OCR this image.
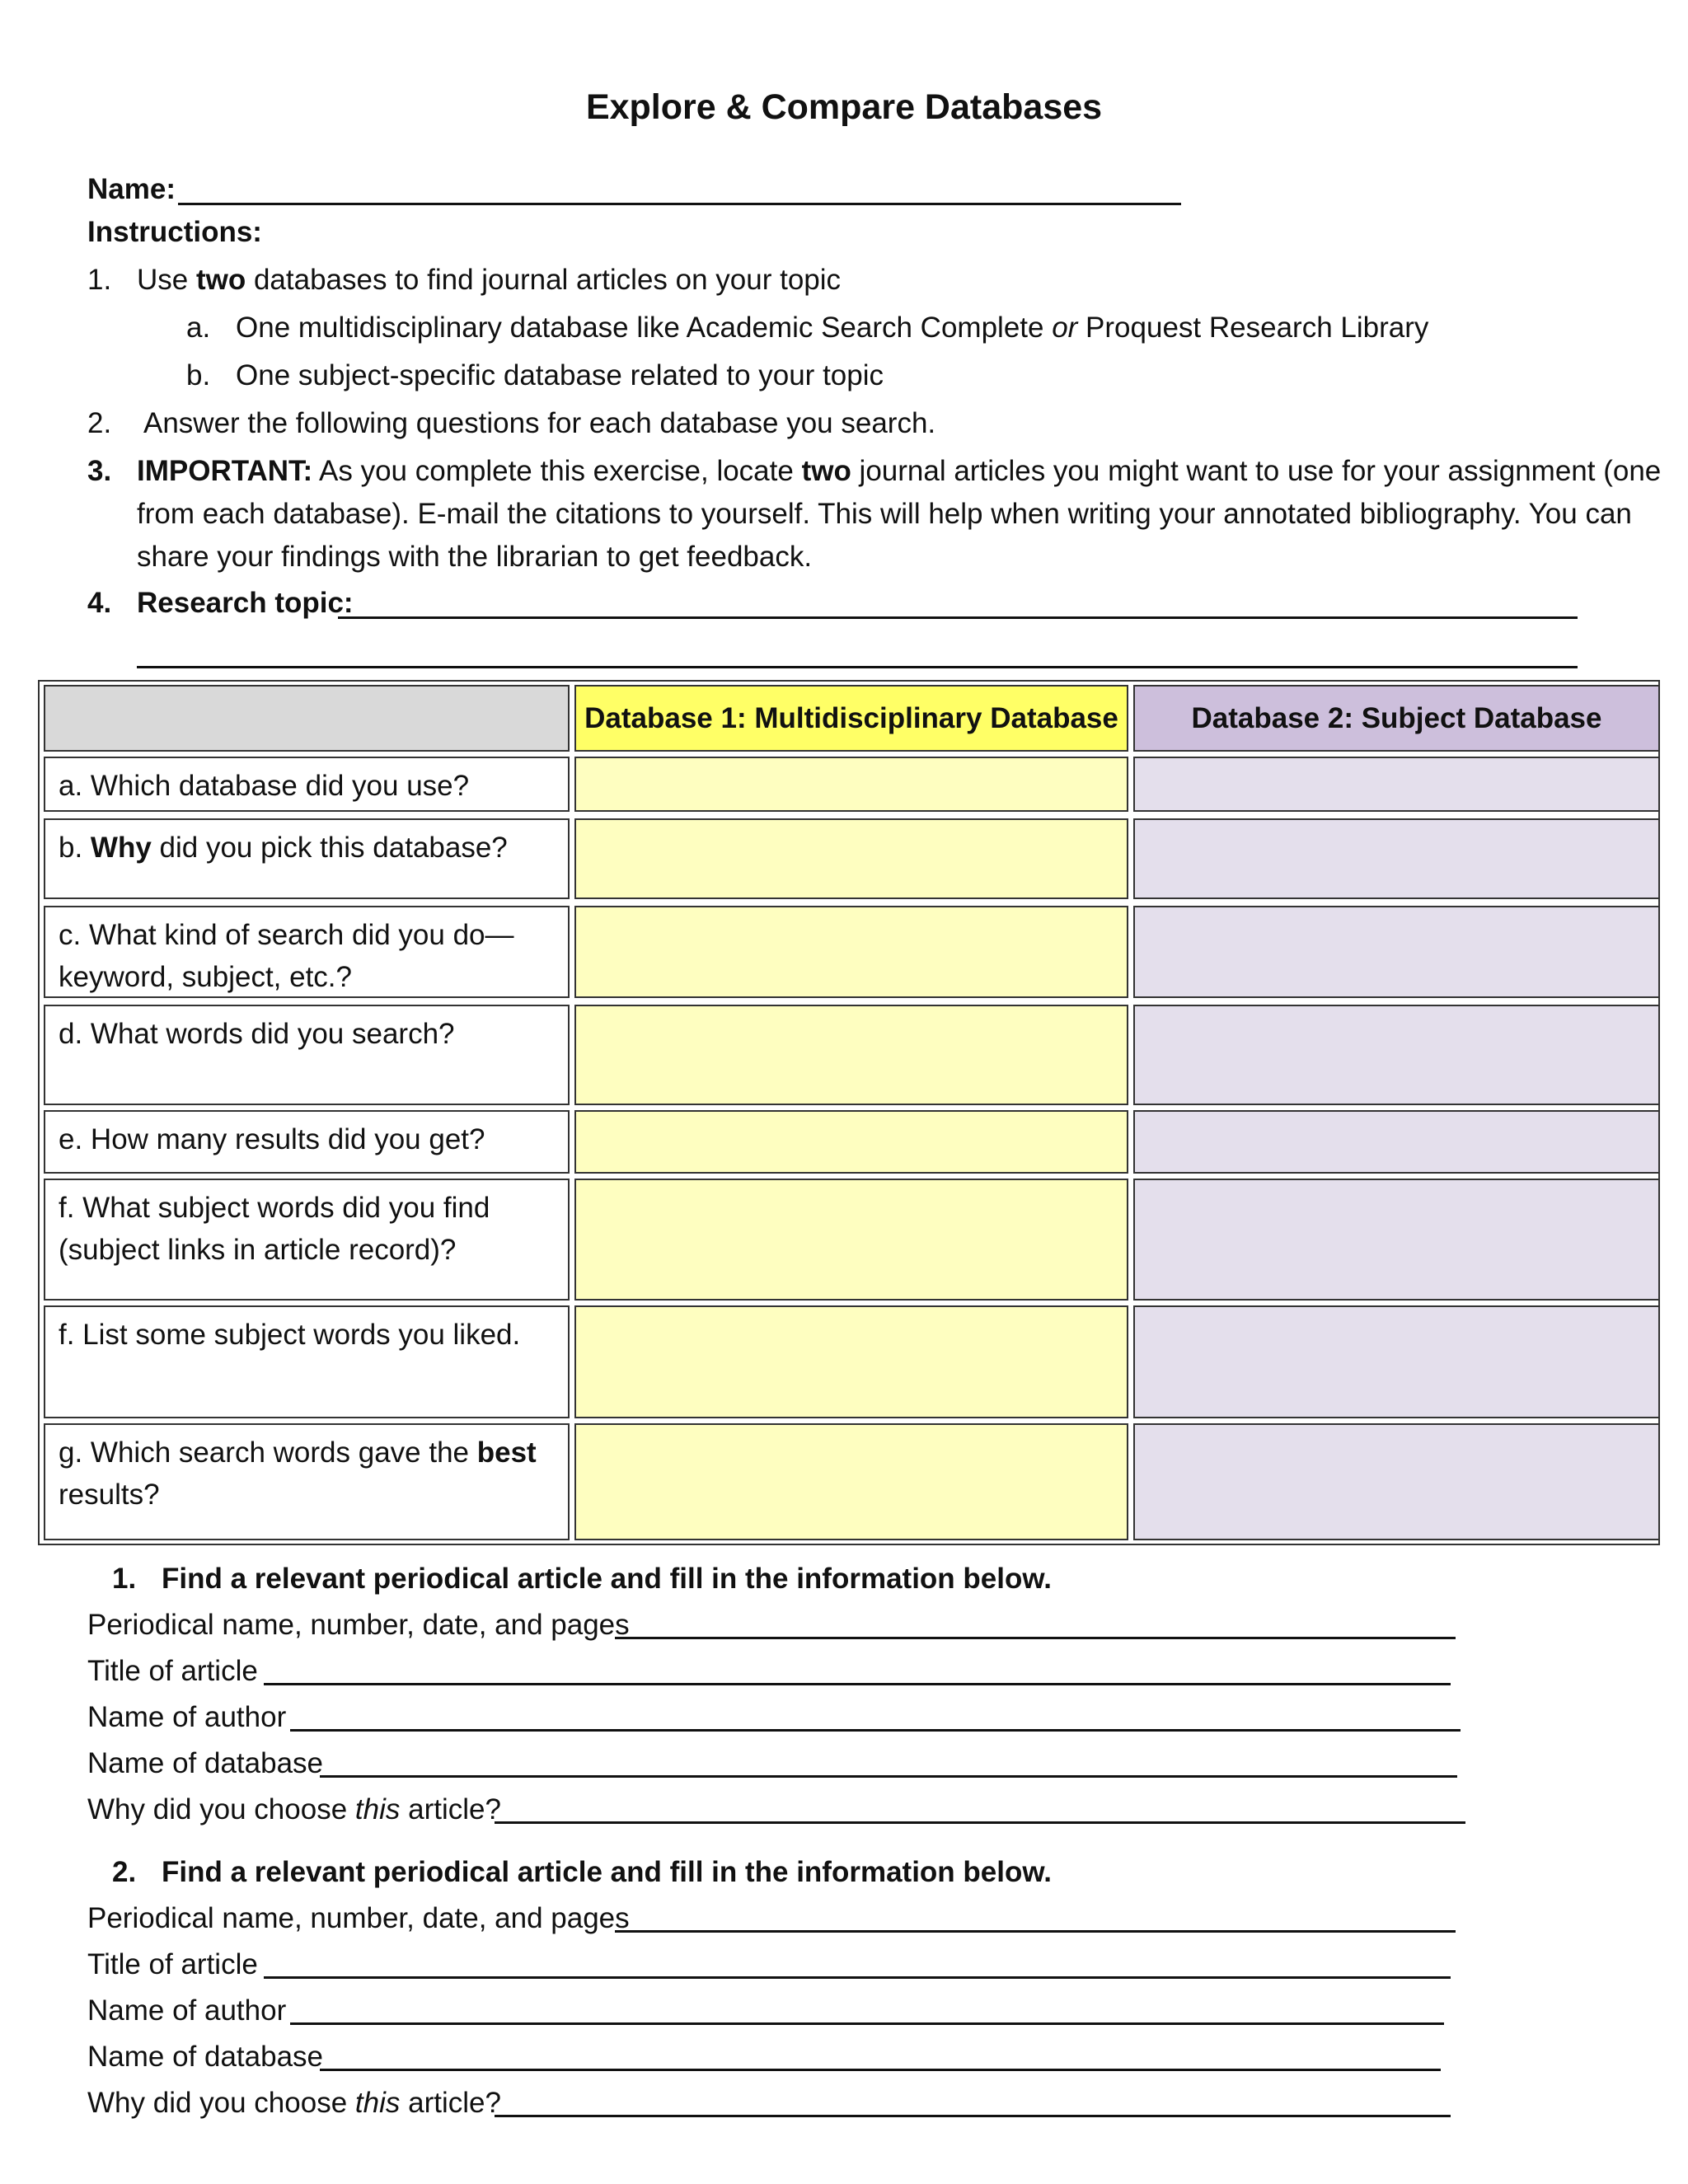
Explore & Compare Databases
Name:
Instructions:
1. Use two databases to find journal articles on your topic
a. One multidisciplinary database like Academic Search Complete or Proquest Research Library
b. One subject-specific database related to your topic
2. Answer the following questions for each database you search.
3. IMPORTANT: As you complete this exercise, locate two journal articles you might want to use for your assignment (one
from each database). E-mail the citations to yourself. This will help when writing your annotated bibliography. You can
share your findings with the librarian to get feedback.
4. Research topic:
Database 1: Multidisciplinary Database	Database 2: Subject Database
a. Which database did you use?
b. Why did you pick this database?
c. What kind of search did you do—
keyword, subject, etc.?
d. What words did you search?
e. How many results did you get?
f. What subject words did you find
(subject links in article record)?
f. List some subject words you liked.
g. Which search words gave the best
results?
1. Find a relevant periodical article and fill in the information below.
Periodical name, number, date, and pages
Title of article
Name of author
Name of database
Why did you choose this article?
2. Find a relevant periodical article and fill in the information below.
Periodical name, number, date, and pages
Title of article
Name of author
Name of database
Why did you choose this article?
